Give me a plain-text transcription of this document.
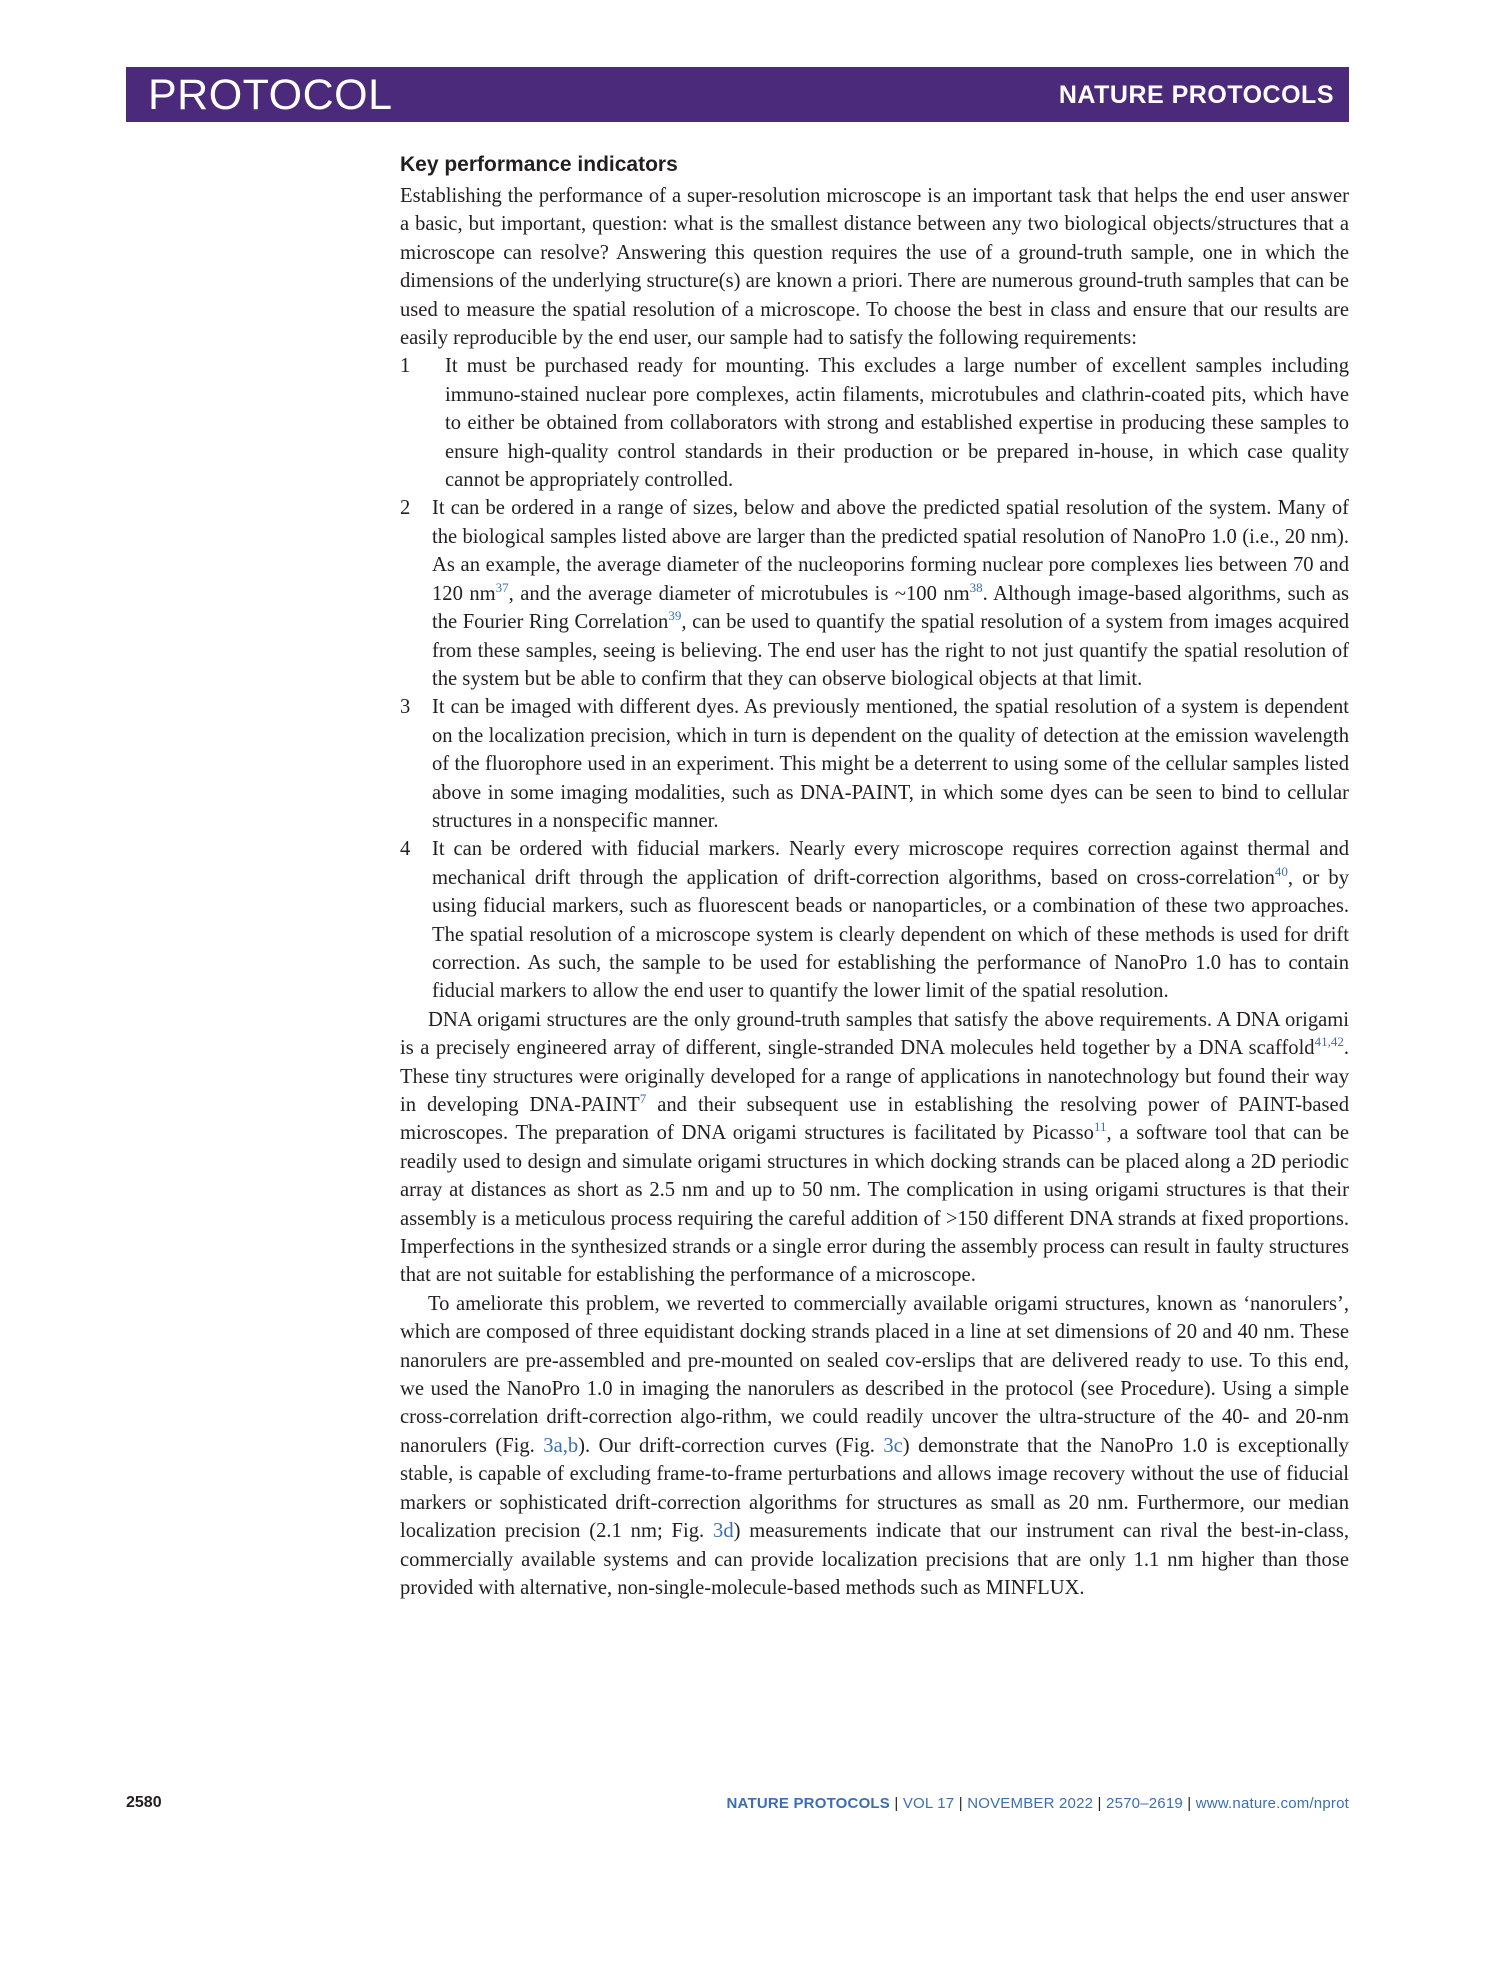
PROTOCOL	NATURE PROTOCOLS
Key performance indicators

Establishing the performance of a super-resolution microscope is an important task that helps the end user answer a basic, but important, question: what is the smallest distance between any two biological objects/structures that a microscope can resolve? Answering this question requires the use of a ground-truth sample, one in which the dimensions of the underlying structure(s) are known a priori. There are numerous ground-truth samples that can be used to measure the spatial resolution of a microscope. To choose the best in class and ensure that our results are easily reproducible by the end user, our sample had to satisfy the following requirements:

1 It must be purchased ready for mounting. This excludes a large number of excellent samples including immuno-stained nuclear pore complexes, actin filaments, microtubules and clathrin-coated pits, which have to either be obtained from collaborators with strong and established expertise in producing these samples to ensure high-quality control standards in their production or be prepared in-house, in which case quality cannot be appropriately controlled.
2 It can be ordered in a range of sizes, below and above the predicted spatial resolution of the system. Many of the biological samples listed above are larger than the predicted spatial resolution of NanoPro 1.0 (i.e., 20 nm). As an example, the average diameter of the nucleoporins forming nuclear pore complexes lies between 70 and 120 nm$^{37}$, and the average diameter of microtubules is ~100 nm$^{38}$. Although image-based algorithms, such as the Fourier Ring Correlation$^{39}$, can be used to quantify the spatial resolution of a system from images acquired from these samples, seeing is believing. The end user has the right to not just quantify the spatial resolution of the system but be able to confirm that they can observe biological objects at that limit.
3 It can be imaged with different dyes. As previously mentioned, the spatial resolution of a system is dependent on the localization precision, which in turn is dependent on the quality of detection at the emission wavelength of the fluorophore used in an experiment. This might be a deterrent to using some of the cellular samples listed above in some imaging modalities, such as DNA-PAINT, in which some dyes can be seen to bind to cellular structures in a nonspecific manner.
4 It can be ordered with fiducial markers. Nearly every microscope requires correction against thermal and mechanical drift through the application of drift-correction algorithms, based on cross-correlation$^{40}$, or by using fiducial markers, such as fluorescent beads or nanoparticles, or a combination of these two approaches. The spatial resolution of a microscope system is clearly dependent on which of these methods is used for drift correction. As such, the sample to be used for establishing the performance of NanoPro 1.0 has to contain fiducial markers to allow the end user to quantify the lower limit of the spatial resolution.

DNA origami structures are the only ground-truth samples that satisfy the above requirements. A DNA origami is a precisely engineered array of different, single-stranded DNA molecules held together by a DNA scaffold$^{41,42}$. These tiny structures were originally developed for a range of applications in nanotechnology but found their way in developing DNA-PAINT$^7$ and their subsequent use in establishing the resolving power of PAINT-based microscopes. The preparation of DNA origami structures is facilitated by Picasso$^{11}$, a software tool that can be readily used to design and simulate origami structures in which docking strands can be placed along a 2D periodic array at distances as short as 2.5 nm and up to 50 nm. The complication in using origami structures is that their assembly is a meticulous process requiring the careful addition of >150 different DNA strands at fixed proportions. Imperfections in the synthesized strands or a single error during the assembly process can result in faulty structures that are not suitable for establishing the performance of a microscope.

To ameliorate this problem, we reverted to commercially available origami structures, known as ‘nanorulers’, which are composed of three equidistant docking strands placed in a line at set dimensions of 20 and 40 nm. These nanorulers are pre-assembled and pre-mounted on sealed cov-erslips that are delivered ready to use. To this end, we used the NanoPro 1.0 in imaging the nanorulers as described in the protocol (see Procedure). Using a simple cross-correlation drift-correction algo-rithm, we could readily uncover the ultra-structure of the 40- and 20-nm nanorulers (Fig. 3a,b). Our drift-correction curves (Fig. 3c) demonstrate that the NanoPro 1.0 is exceptionally stable, is capable of excluding frame-to-frame perturbations and allows image recovery without the use of fiducial markers or sophisticated drift-correction algorithms for structures as small as 20 nm. Furthermore, our median localization precision (2.1 nm; Fig. 3d) measurements indicate that our instrument can rival the best-in-class, commercially available systems and can provide localization precisions that are only 1.1 nm higher than those provided with alternative, non-single-molecule-based methods such as MINFLUX.

2580	NATURE PROTOCOLS | VOL 17 | NOVEMBER 2022 | 2570–2619 | www.nature.com/nprot
